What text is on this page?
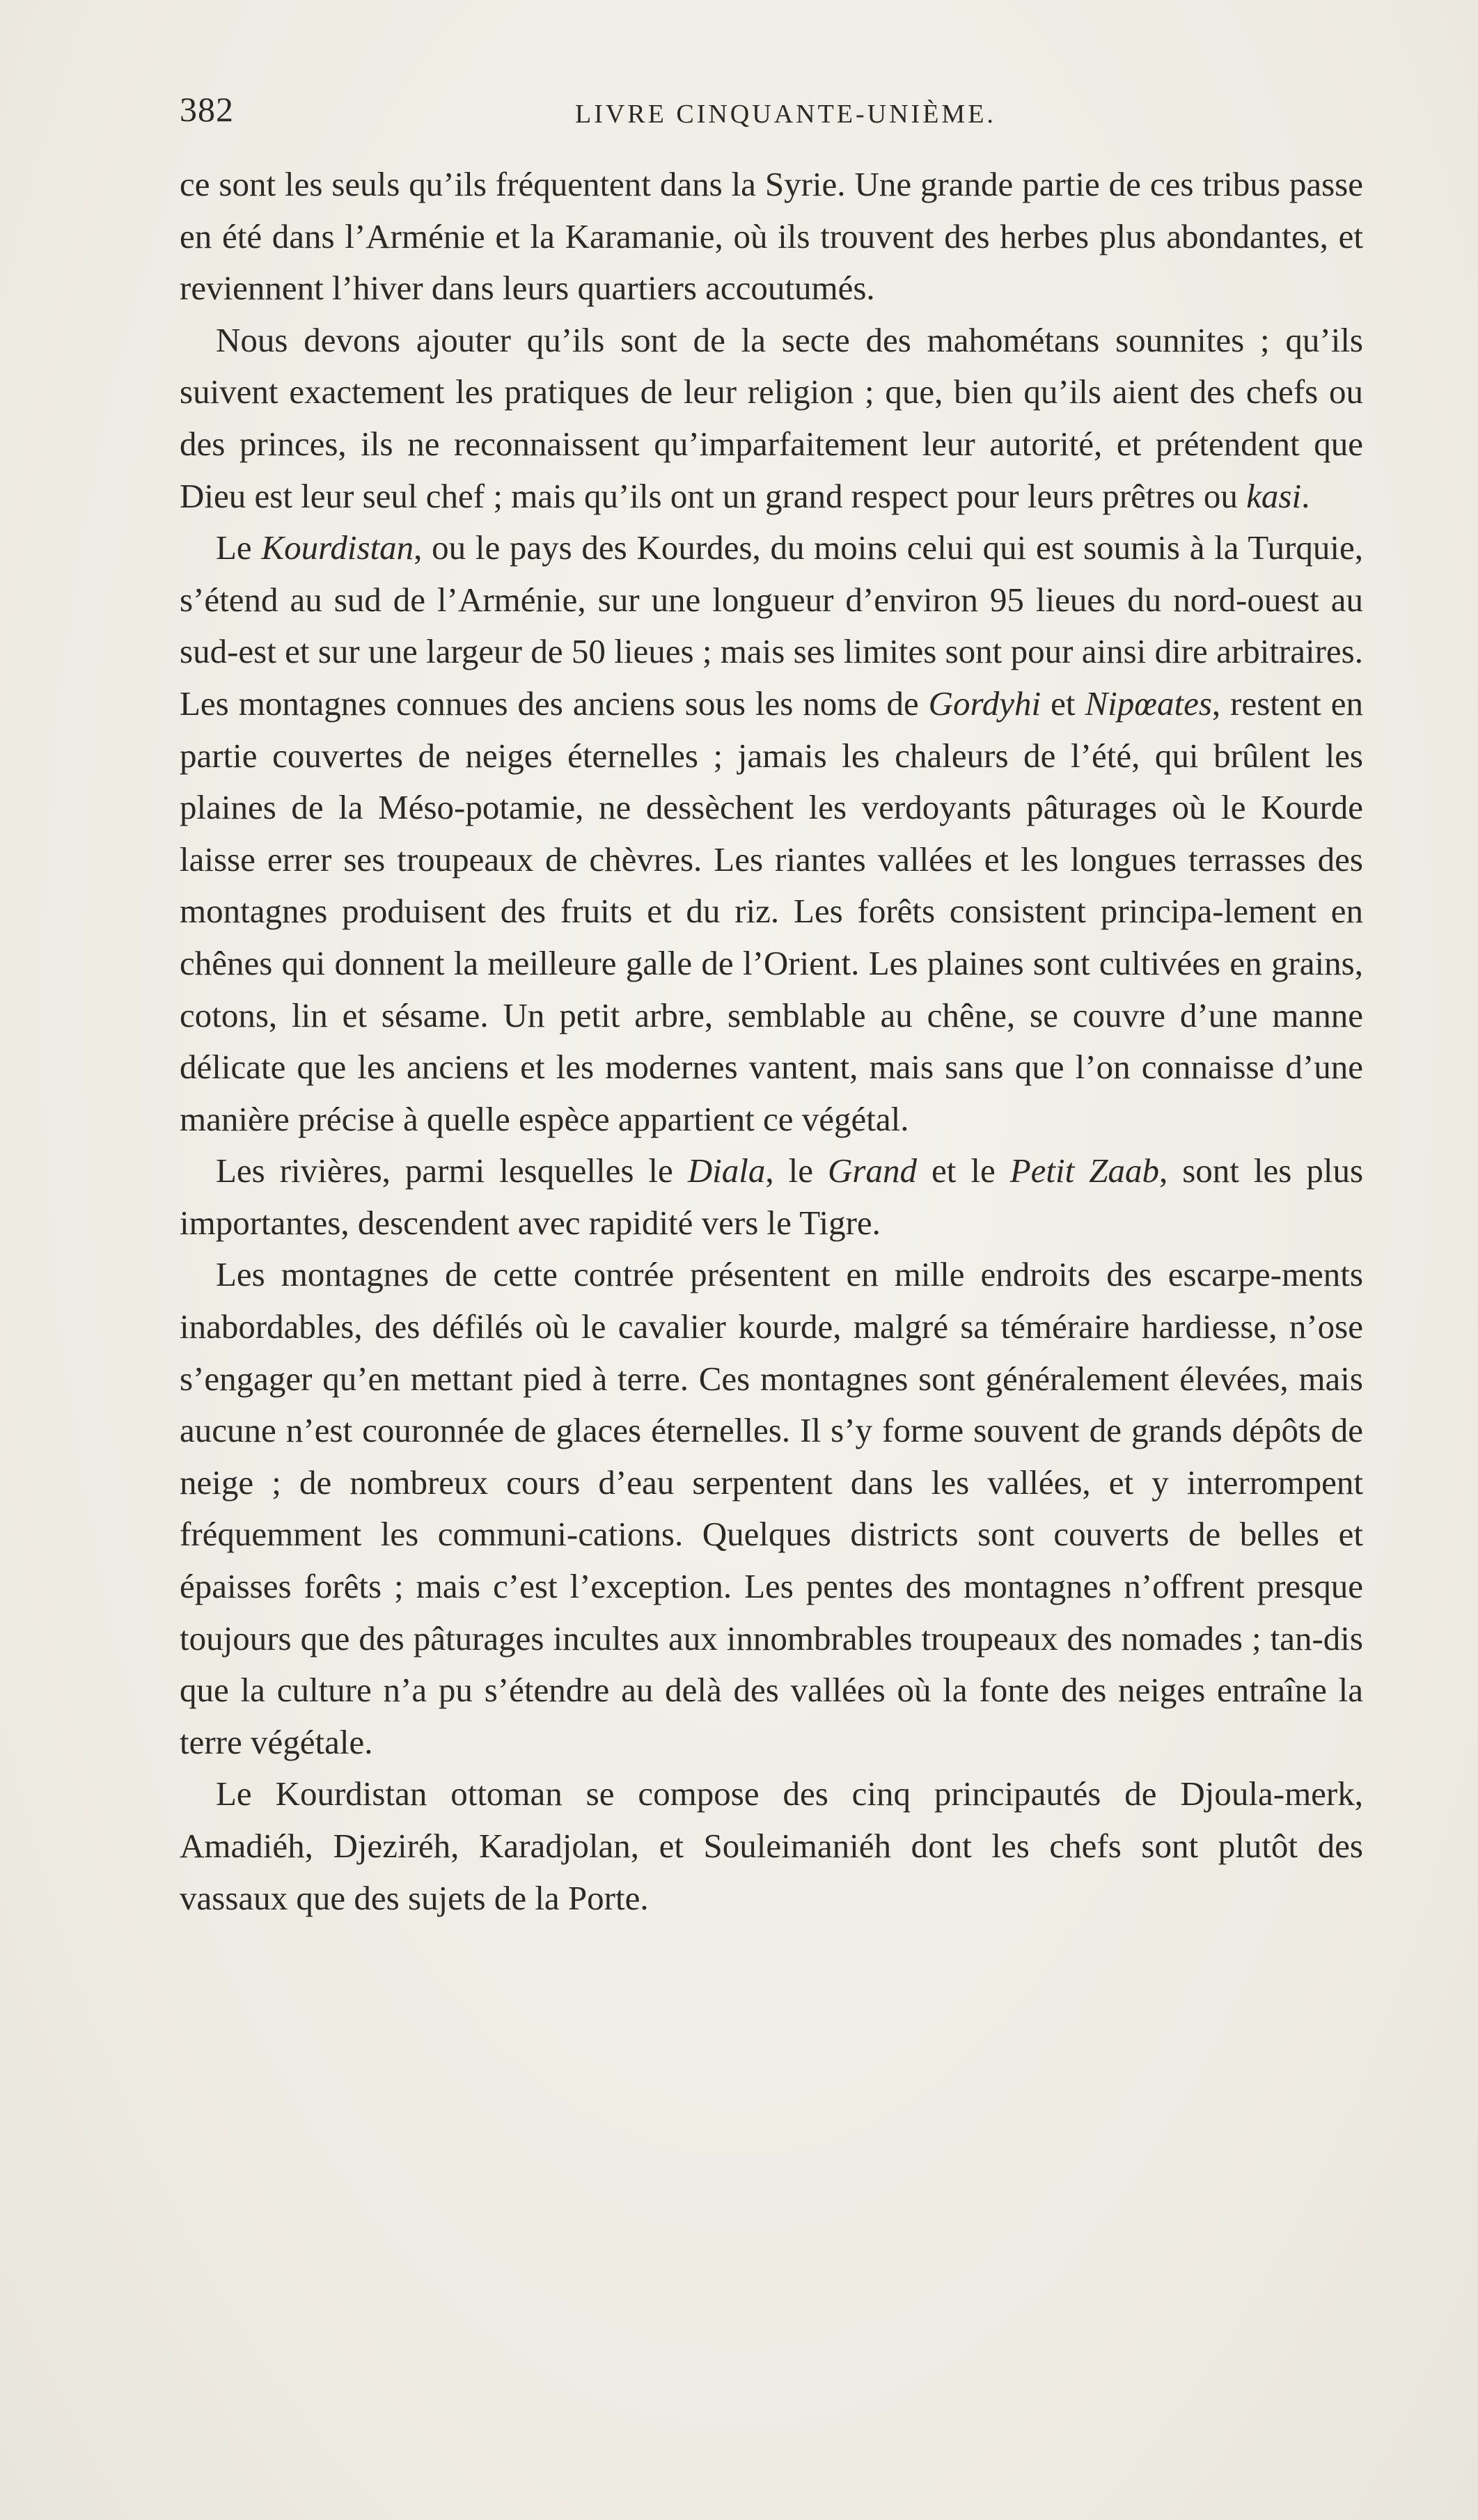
382	LIVRE CINQUANTE-UNIÈME.

ce sont les seuls qu’ils fréquentent dans la Syrie. Une grande partie de ces tribus passe en été dans l’Arménie et la Karamanie, où ils trouvent des herbes plus abondantes, et reviennent l’hiver dans leurs quartiers accoutumés.

Nous devons ajouter qu’ils sont de la secte des mahométans sounnites ; qu’ils suivent exactement les pratiques de leur religion ; que, bien qu’ils aient des chefs ou des princes, ils ne reconnaissent qu’imparfaitement leur autorité, et prétendent que Dieu est leur seul chef ; mais qu’ils ont un grand respect pour leurs prêtres ou kasi.

Le Kourdistan, ou le pays des Kourdes, du moins celui qui est soumis à la Turquie, s’étend au sud de l’Arménie, sur une longueur d’environ 95 lieues du nord-ouest au sud-est et sur une largeur de 50 lieues ; mais ses limites sont pour ainsi dire arbitraires. Les montagnes connues des anciens sous les noms de Gordyhi et Nipœates, restent en partie couvertes de neiges éternelles ; jamais les chaleurs de l’été, qui brûlent les plaines de la Méso-potamie, ne dessèchent les verdoyants pâturages où le Kourde laisse errer ses troupeaux de chèvres. Les riantes vallées et les longues terrasses des montagnes produisent des fruits et du riz. Les forêts consistent principa-lement en chênes qui donnent la meilleure galle de l’Orient. Les plaines sont cultivées en grains, cotons, lin et sésame. Un petit arbre, semblable au chêne, se couvre d’une manne délicate que les anciens et les modernes vantent, mais sans que l’on connaisse d’une manière précise à quelle espèce appartient ce végétal.

Les rivières, parmi lesquelles le Diala, le Grand et le Petit Zaab, sont les plus importantes, descendent avec rapidité vers le Tigre.

Les montagnes de cette contrée présentent en mille endroits des escarpe-ments inabordables, des défilés où le cavalier kourde, malgré sa téméraire hardiesse, n’ose s’engager qu’en mettant pied à terre. Ces montagnes sont généralement élevées, mais aucune n’est couronnée de glaces éternelles. Il s’y forme souvent de grands dépôts de neige ; de nombreux cours d’eau serpentent dans les vallées, et y interrompent fréquemment les communi-cations. Quelques districts sont couverts de belles et épaisses forêts ; mais c’est l’exception. Les pentes des montagnes n’offrent presque toujours que des pâturages incultes aux innombrables troupeaux des nomades ; tan-dis que la culture n’a pu s’étendre au delà des vallées où la fonte des neiges entraîne la terre végétale.

Le Kourdistan ottoman se compose des cinq principautés de Djoula-merk, Amadiéh, Djeziréh, Karadjolan, et Souleimaniéh dont les chefs sont plutôt des vassaux que des sujets de la Porte.
